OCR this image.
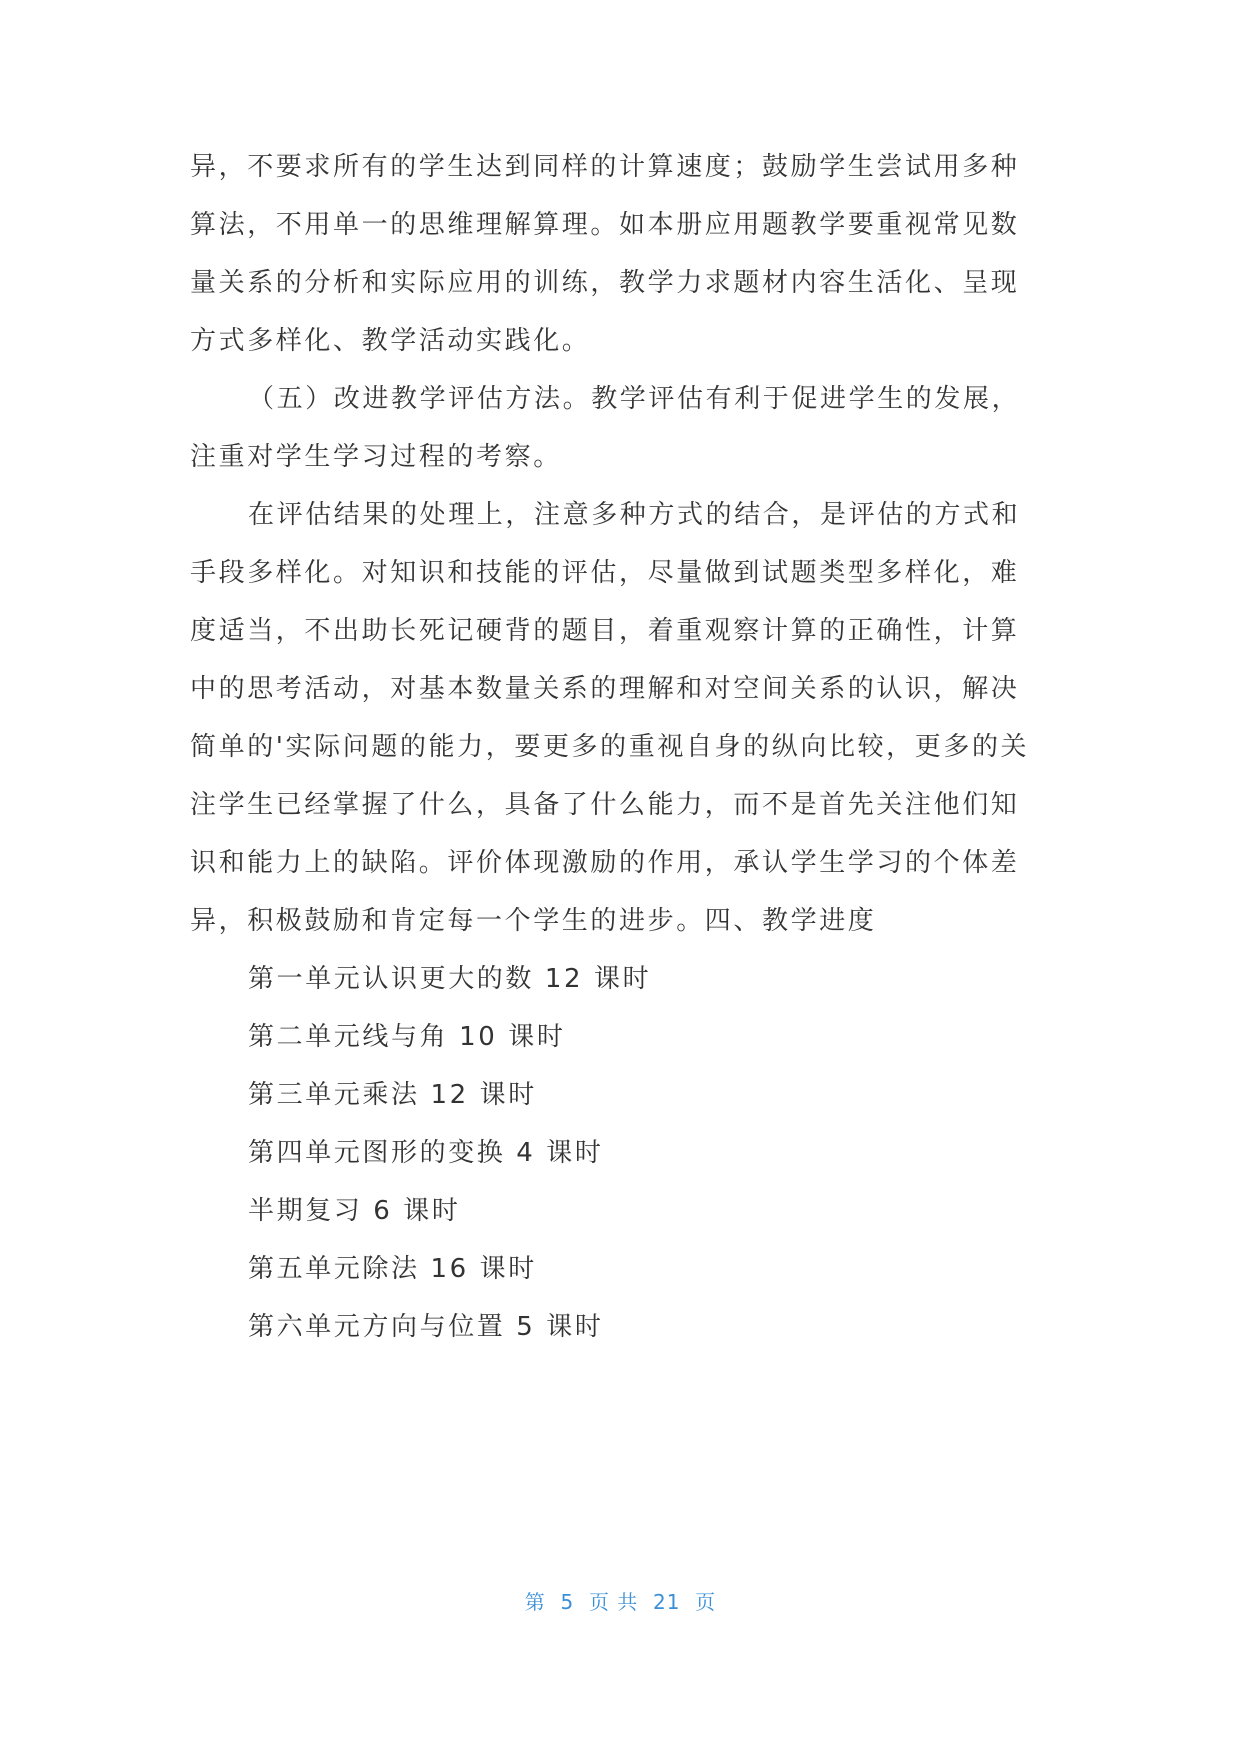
异，不要求所有的学生达到同样的计算速度；鼓励学生尝试用多种
算法，不用单一的思维理解算理。如本册应用题教学要重视常见数
量关系的分析和实际应用的训练，教学力求题材内容生活化、呈现
方式多样化、教学活动实践化。
（五）改进教学评估方法。教学评估有利于促进学生的发展，
注重对学生学习过程的考察。
在评估结果的处理上，注意多种方式的结合，是评估的方式和
手段多样化。对知识和技能的评估，尽量做到试题类型多样化，难
度适当，不出助长死记硬背的题目，着重观察计算的正确性，计算
中的思考活动，对基本数量关系的理解和对空间关系的认识，解决
简单的'实际问题的能力，要更多的重视自身的纵向比较，更多的关
注学生已经掌握了什么，具备了什么能力，而不是首先关注他们知
识和能力上的缺陷。评价体现激励的作用，承认学生学习的个体差
异，积极鼓励和肯定每一个学生的进步。四、教学进度
第一单元认识更大的数 12 课时
第二单元线与角 10 课时
第三单元乘法 12 课时
第四单元图形的变换 4 课时
半期复习 6 课时
第五单元除法 16 课时
第六单元方向与位置 5 课时
第  5  页 共  21  页
